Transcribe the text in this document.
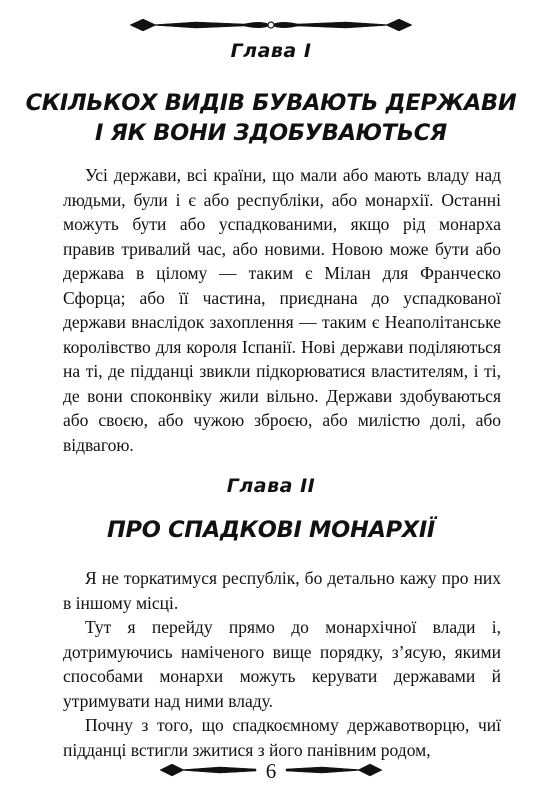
Глава I
СКІЛЬКОХ ВИДІВ БУВАЮТЬ ДЕРЖАВИ
І ЯК ВОНИ ЗДОБУВАЮТЬСЯ

Усі держави, всі країни, що мали або мають владу над людьми, були і є або республіки, або монархії. Останні можуть бути або успадкованими, якщо рід монарха правив тривалий час, або новими. Новою може бути або держава в цілому — таким є Мілан для Франческо Сфорца; або її частина, приєднана до успадкованої держави внаслідок захоплення — таким є Неаполітанське королівство для короля Іспанії. Нові держави поділяються на ті, де підданці звикли підкорюватися властителям, і ті, де вони споконвіку жили вільно. Держави здобуваються або своєю, або чужою зброєю, або милістю долі, або відвагою.

Глава II
ПРО СПАДКОВІ МОНАРХІЇ

Я не торкатимуся республік, бо детально кажу про них в іншому місці.

Тут я перейду прямо до монархічної влади і, дотримуючись наміченого вище порядку, з’ясую, якими способами монархи можуть керувати державами й утримувати над ними владу.

Почну з того, що спадкоємному державотворцю, чиї підданці встигли зжитися з його панівним родом,

6
